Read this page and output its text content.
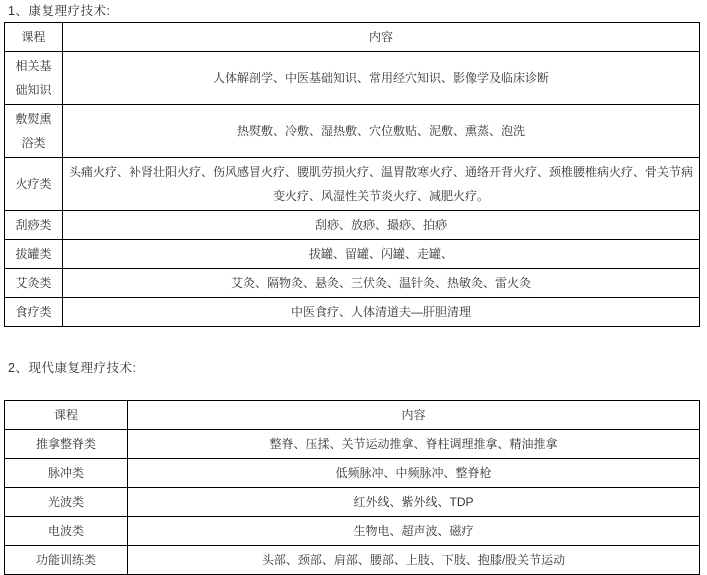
1、康复理疗技术:
课程	内容
相关基础知识	人体解剖学、中医基础知识、常用经穴知识、影像学及临床诊断
敷熨熏浴类	热熨敷、冷敷、湿热敷、穴位敷贴、泥敷、熏蒸、泡洗
火疗类	头痛火疗、补肾壮阳火疗、伤风感冒火疗、腰肌劳损火疗、温胃散寒火疗、通络开背火疗、颈椎腰椎病火疗、骨关节病变火疗、风湿性关节炎火疗、减肥火疗。
刮痧类	刮痧、放痧、撮痧、拍痧
拔罐类	拔罐、留罐、闪罐、走罐、
艾灸类	艾灸、隔物灸、悬灸、三伏灸、温针灸、热敏灸、雷火灸
食疗类	中医食疗、人体清道夫—肝胆清理
2、现代康复理疗技术:
课程	内容
推拿整脊类	整脊、压揉、关节运动推拿、脊柱调理推拿、精油推拿
脉冲类	低频脉冲、中频脉冲、整脊枪
光波类	红外线、紫外线、TDP
电波类	生物电、超声波、磁疗
功能训练类	头部、颈部、肩部、腰部、上肢、下肢、抱膝/股关节运动
